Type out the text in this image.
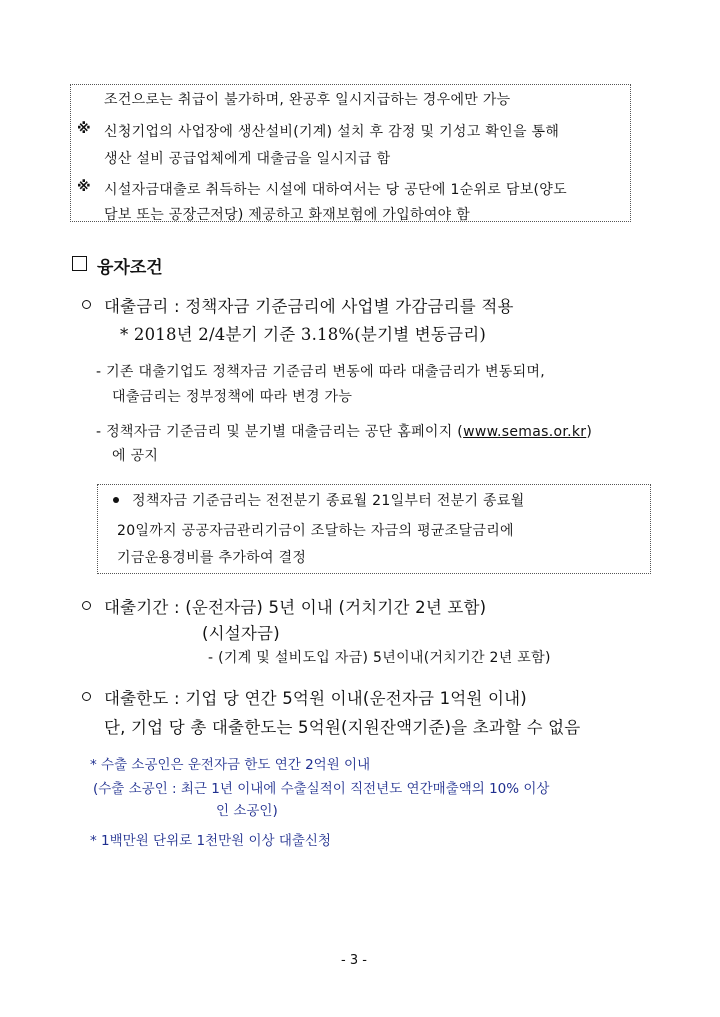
조건으로는 취급이 불가하며, 완공후 일시지급하는 경우에만 가능
※ 신청기업의 사업장에 생산설비(기계) 설치 후 감정 및 기성고 확인을 통해
생산 설비 공급업체에게 대출금을 일시지급 함
※ 시설자금대출로 취득하는 시설에 대하여서는 당 공단에 1순위로 담보(양도
담보 또는 공장근저당) 제공하고 화재보험에 가입하여야 함
융자조건
대출금리 : 정책자금 기준금리에 사업별 가감금리를 적용
* 2018년 2/4분기 기준 3.18%(분기별 변동금리)
- 기존 대출기업도 정책자금 기준금리 변동에 따라 대출금리가 변동되며,
대출금리는 정부정책에 따라 변경 가능
- 정책자금 기준금리 및 분기별 대출금리는 공단 홈페이지 (www.semas.or.kr)
에 공지
정책자금 기준금리는 전전분기 종료월 21일부터 전분기 종료월
20일까지 공공자금관리기금이 조달하는 자금의 평균조달금리에
기금운용경비를 추가하여 결정
대출기간 : (운전자금) 5년 이내 (거치기간 2년 포함)
(시설자금)
- (기계 및 설비도입 자금) 5년이내(거치기간 2년 포함)
대출한도 : 기업 당 연간 5억원 이내(운전자금 1억원 이내)
단, 기업 당 총 대출한도는 5억원(지원잔액기준)을 초과할 수 없음
* 수출 소공인은 운전자금 한도 연간 2억원 이내
(수출 소공인 : 최근 1년 이내에 수출실적이 직전년도 연간매출액의 10% 이상
인 소공인)
* 1백만원 단위로 1천만원 이상 대출신청
- 3 -
